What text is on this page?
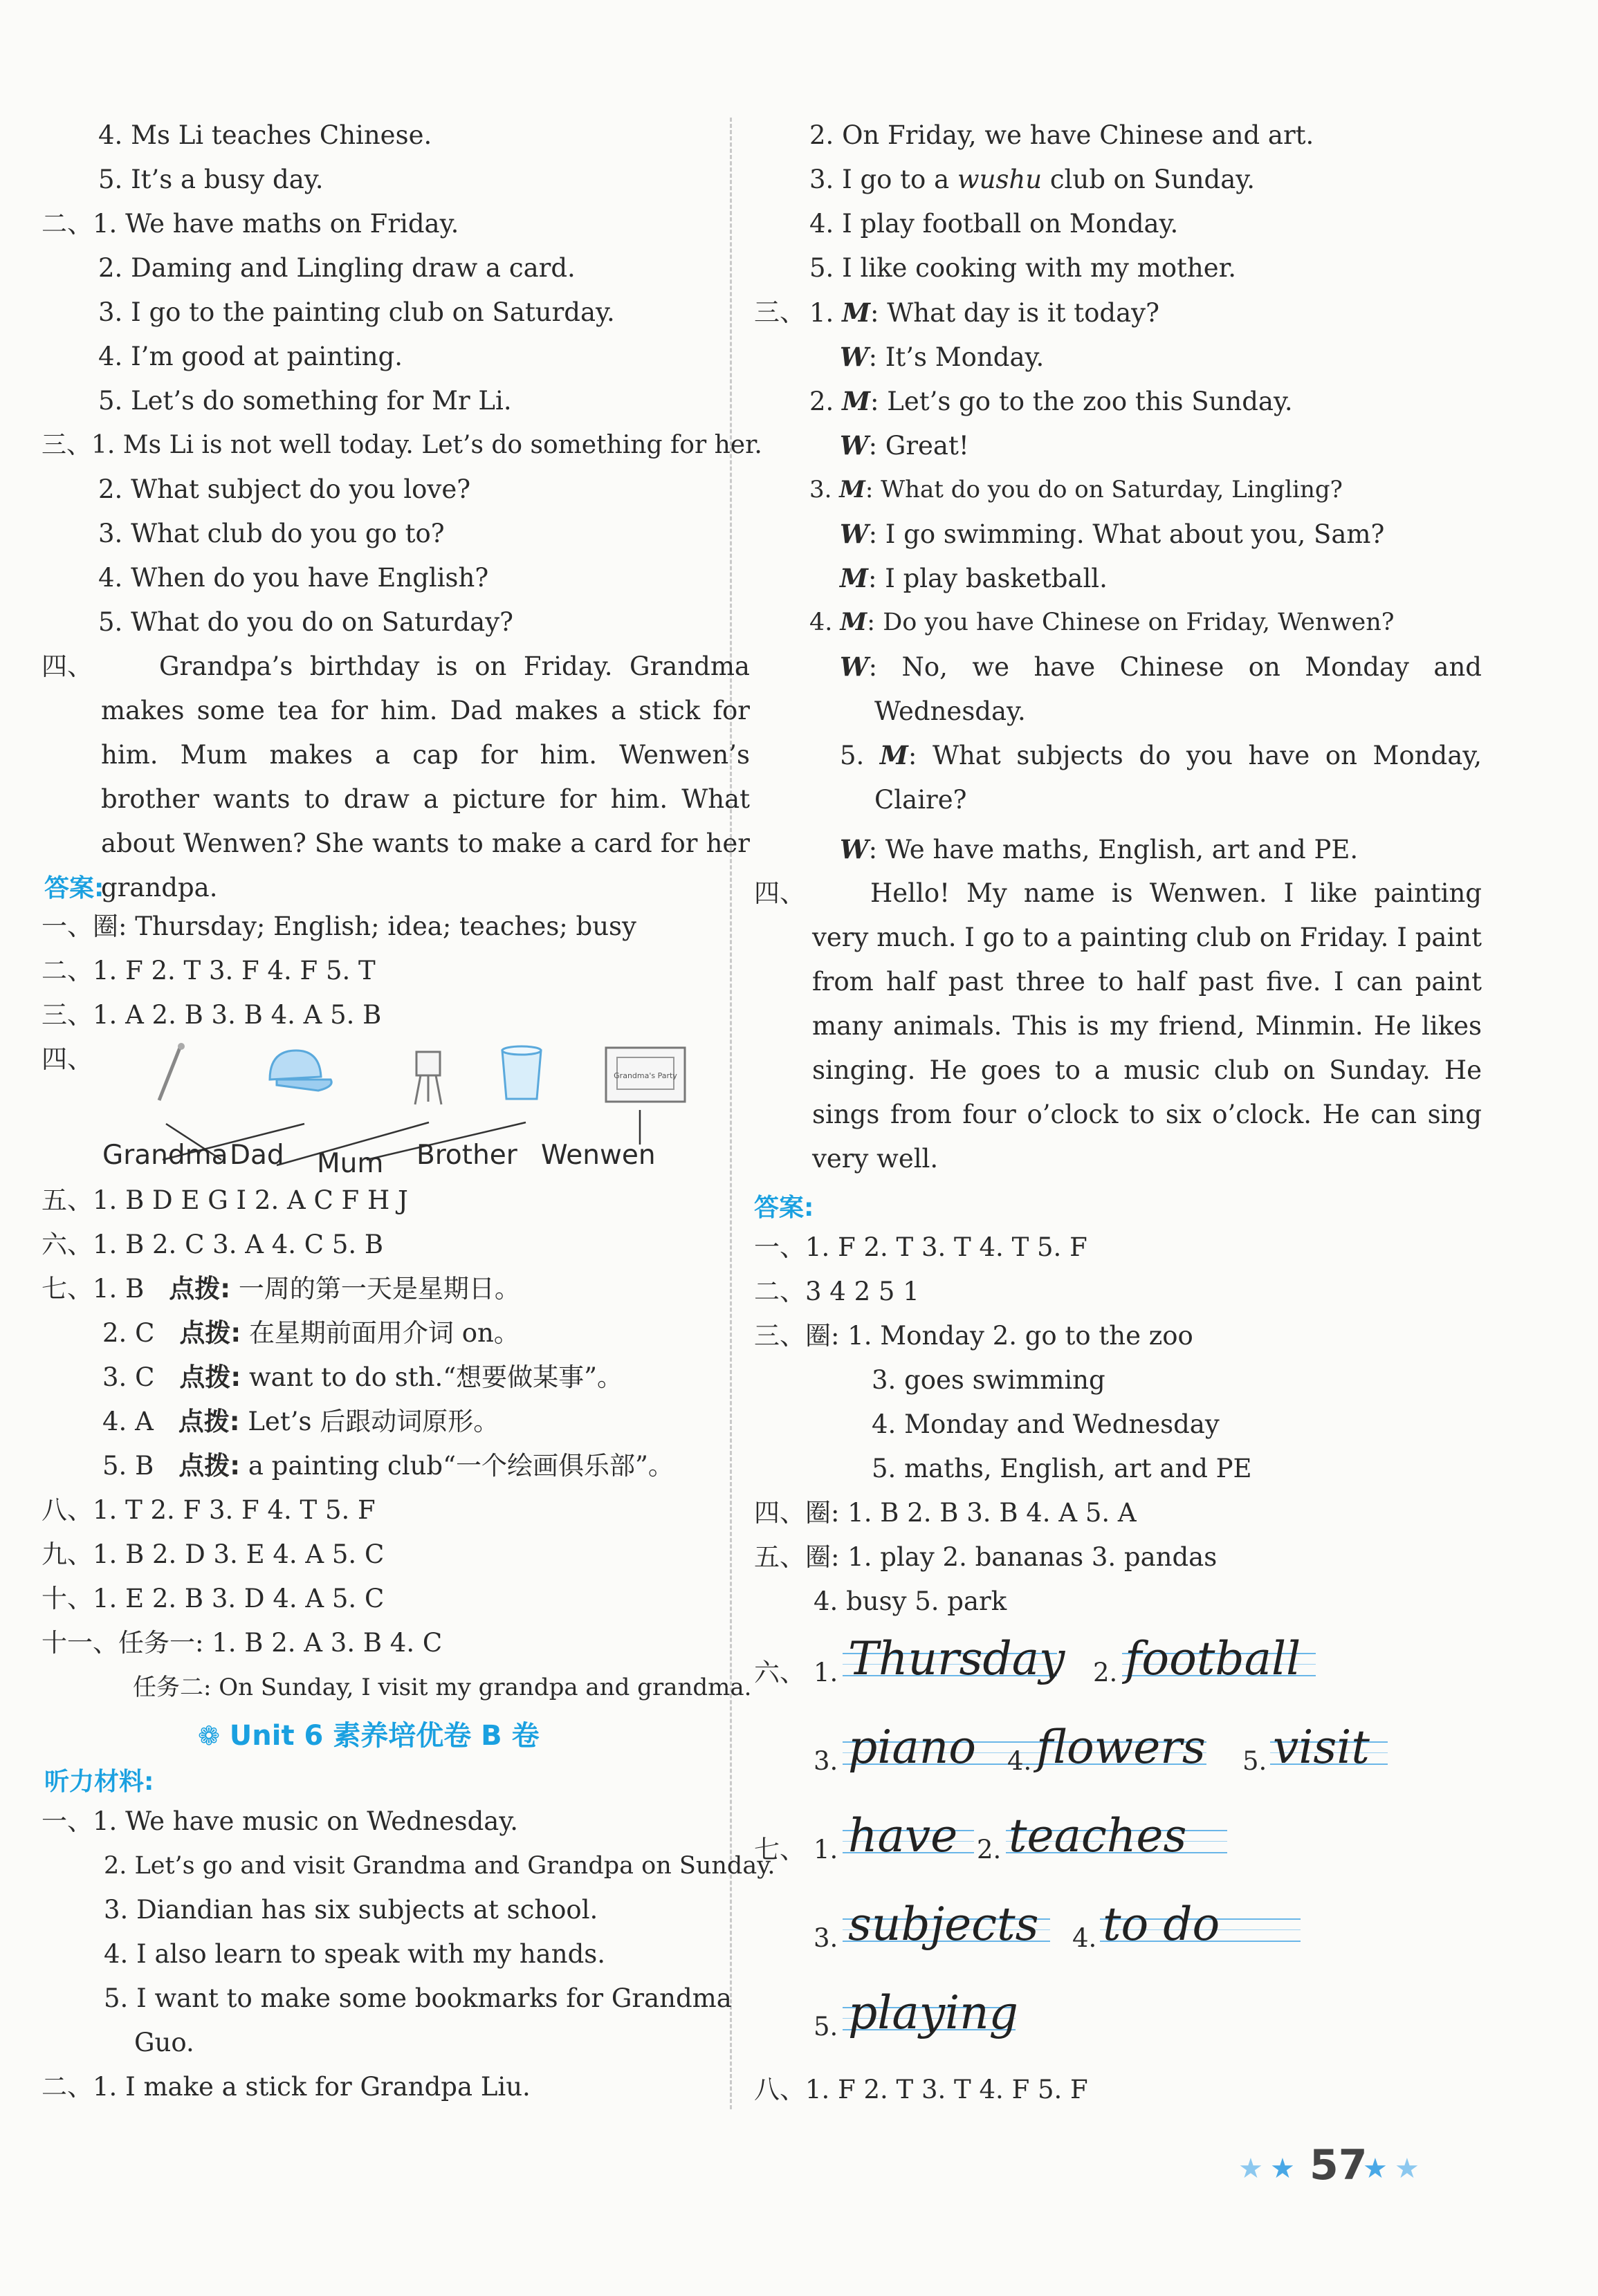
4. Ms Li teaches Chinese.
5. It’s a busy day.
二、1. We have maths on Friday.
2. Daming and Lingling draw a card.
3. I go to the painting club on Saturday.
4. I’m good at painting.
5. Let’s do something for Mr Li.
三、1. Ms Li is not well today. Let’s do something for her.
2. What subject do you love?
3. What club do you go to?
4. When do you have English?
5. What do you do on Saturday?
四、	Grandpa’s birthday is on Friday. Grandma makes some tea for him. Dad makes a stick for him. Mum makes a cap for him. Wenwen’s brother wants to draw a picture for him. What about Wenwen? She wants to make a card for her grandpa.
答案:
一、圈: Thursday; English; idea; teaches; busy
二、1. F 2. T 3. F 4. F 5. T
三、1. A 2. B 3. B 4. A 5. B
四、
Grandma's Party
Grandma Dad Mum Brother Wenwen
五、1. B D E G I 2. A C F H J
六、1. B 2. C 3. A 4. C 5. B
七、1. B 点拨: 一周的第一天是星期日。
2. C 点拨: 在星期前面用介词 on。
3. C 点拨: want to do sth.“想要做某事”。
4. A 点拨: Let’s 后跟动词原形。
5. B 点拨: a painting club“一个绘画俱乐部”。
八、1. T 2. F 3. F 4. T 5. F
九、1. B 2. D 3. E 4. A 5. C
十、1. E 2. B 3. D 4. A 5. C
十一、任务一: 1. B 2. A 3. B 4. C
任务二: On Sunday, I visit my grandpa and grandma.
❁ Unit 6 素养培优卷 B 卷
听力材料:
一、1. We have music on Wednesday.
2. Let’s go and visit Grandma and Grandpa on Sunday.
3. Diandian has six subjects at school.
4. I also learn to speak with my hands.
5. I want to make some bookmarks for Grandma
Guo.
二、1. I make a stick for Grandpa Liu.
2. On Friday, we have Chinese and art.
3. I go to a wushu club on Sunday.
4. I play football on Monday.
5. I like cooking with my mother.
三、 1. M: What day is it today?
W: It’s Monday.
2. M: Let’s go to the zoo this Sunday.
W: Great!
3. M: What do you do on Saturday, Lingling?
W: I go swimming. What about you, Sam?
M: I play basketball.
4. M: Do you have Chinese on Friday, Wenwen?
W: No, we have Chinese on Monday and Wednesday.
5. M: What subjects do you have on Monday, Claire?
W: We have maths, English, art and PE.
四、	Hello! My name is Wenwen. I like painting very much. I go to a painting club on Friday. I paint from half past three to half past five. I can paint many animals. This is my friend, Minmin. He likes singing. He goes to a music club on Sunday. He sings from four o’clock to six o’clock. He can sing very well.
答案:
一、1. F 2. T 3. T 4. T 5. F
二、3 4 2 5 1
三、圈: 1. Monday 2. go to the zoo
3. goes swimming
4. Monday and Wednesday
5. maths, English, art and PE
四、圈: 1. B 2. B 3. B 4. A 5. A
五、圈: 1. play 2. bananas 3. pandas
4. busy 5. park
六、 1. Thursday 2. football
3. piano 4. flowers 5. visit
七、 1. have 2. teaches
3. subjects 4. to do
5. playing
八、1. F 2. T 3. T 4. F 5. F
★ ★ 57
★ ★
